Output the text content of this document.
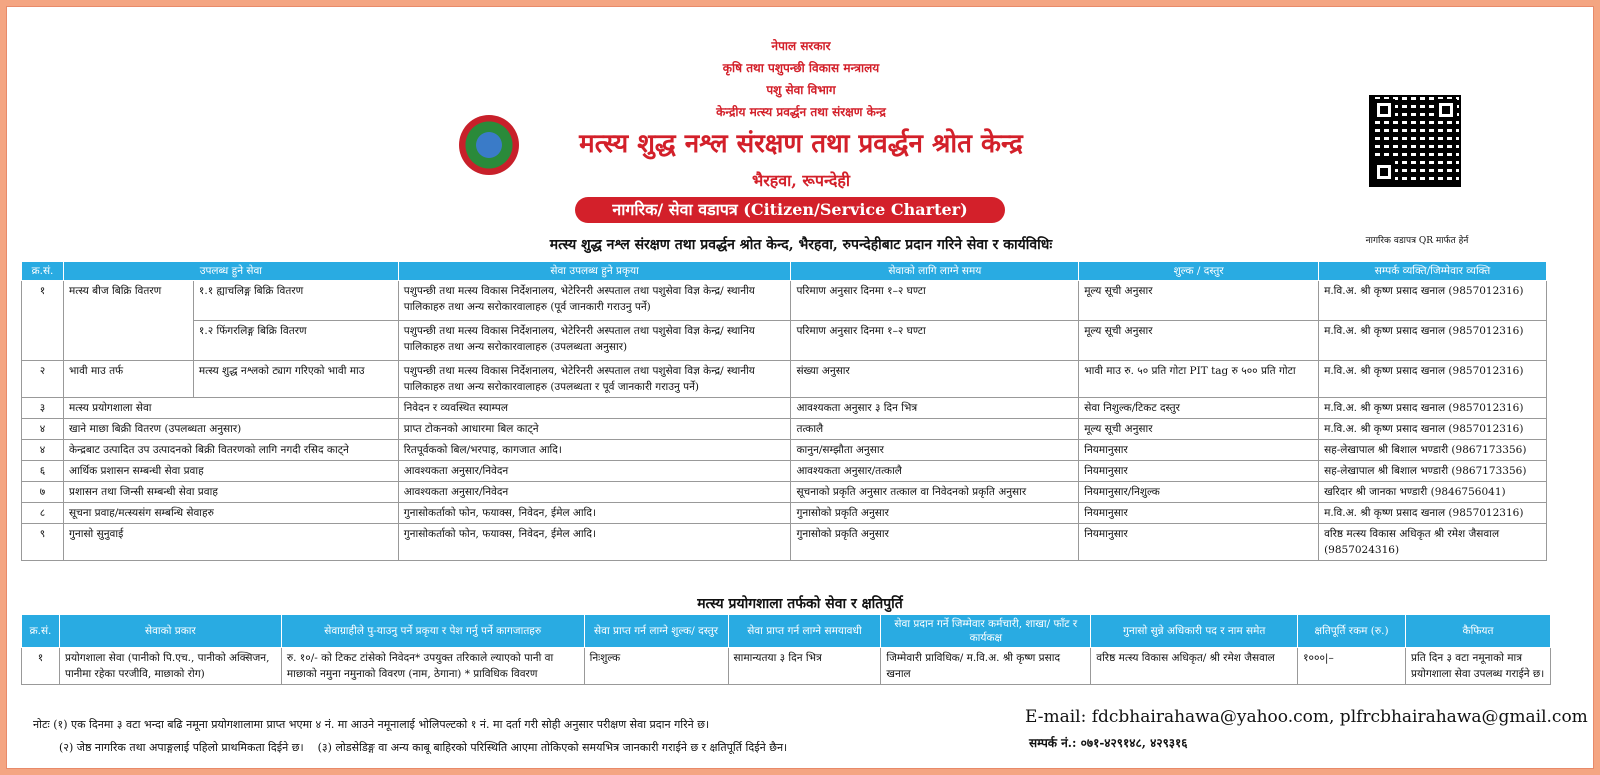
नेपाल सरकार
कृषि तथा पशुपन्छी विकास मन्त्रालय
पशु सेवा विभाग
केन्द्रीय मत्स्य प्रवर्द्धन तथा संरक्षण केन्द्र
मत्स्य शुद्ध नश्ल संरक्षण तथा प्रवर्द्धन श्रोत केन्द्र
भैरहवा, रूपन्देही
नागरिक/ सेवा वडापत्र (Citizen/Service Charter)
मत्स्य शुद्ध नश्ल संरक्षण तथा प्रवर्द्धन श्रोत केन्द, भैरहवा, रुपन्देहीबाट प्रदान गरिने सेवा र कार्यविधिः	नागरिक वडापत्र QR मार्फत हेर्न
क्र.सं.	उपलब्ध हुने सेवा		सेवा उपलब्ध हुने प्रकृया	सेवाको लागि लाग्ने समय	शुल्क / दस्तुर	सम्पर्क व्यक्ति/जिम्मेवार व्यक्ति
१	मत्स्य बीज बिक्रि वितरण	१.१ ह्याचलिङ्ग बिक्रि वितरण	पशुपन्छी तथा मत्स्य विकास निर्देशनालय, भेटेरिनरी अस्पताल तथा पशुसेवा विज्ञ केन्द्र/ स्थानीय पालिकाहरु तथा अन्य सरोकारवालाहरु (पूर्व जानकारी गराउनु पर्ने)	परिमाण अनुसार दिनमा १–२ घण्टा	मूल्य सूची अनुसार	म.वि.अ. श्री कृष्ण प्रसाद खनाल (9857012316)
		१.२ फिंगरलिङ्ग बिक्रि वितरण	पशुपन्छी तथा मत्स्य विकास निर्देशनालय, भेटेरिनरी अस्पताल तथा पशुसेवा विज्ञ केन्द्र/ स्थानिय पालिकाहरु तथा अन्य सरोकारवालाहरु (उपलब्धता अनुसार)	परिमाण अनुसार दिनमा १–२ घण्टा	मूल्य सूची अनुसार	म.वि.अ. श्री कृष्ण प्रसाद खनाल (9857012316)
२	भावी माउ तर्फ	मत्स्य शुद्ध नश्लको ट्याग गरिएको भावी माउ	पशुपन्छी तथा मत्स्य विकास निर्देशनालय, भेटेरिनरी अस्पताल तथा पशुसेवा विज्ञ केन्द्र/ स्थानीय पालिकाहरु तथा अन्य सरोकारवालाहरु (उपलब्धता र पूर्व जानकारी गराउनु पर्ने)	संख्या अनुसार	भावी माउ रु. ५० प्रति गोटा PIT tag रु ५०० प्रति गोटा	म.वि.अ. श्री कृष्ण प्रसाद खनाल (9857012316)
३	मत्स्य प्रयोगशाला सेवा		निवेदन र व्यवस्थित स्याम्पल	आवश्यकता अनुसार ३ दिन भित्र	सेवा निशुल्क/टिकट दस्तुर	म.वि.अ. श्री कृष्ण प्रसाद खनाल (9857012316)
४	खाने माछा बिक्री वितरण (उपलब्धता अनुसार)		प्राप्त टोकनको आधारमा बिल काट्ने	तत्कालै	मूल्य सूची अनुसार	म.वि.अ. श्री कृष्ण प्रसाद खनाल (9857012316)
४	केन्द्रबाट उत्पादित उप उत्पादनको बिक्री वितरणको लागि नगदी रसिद काट्ने		रितपूर्वकको बिल/भरपाइ, कागजात आदि।	कानुन/सम्झौता अनुसार	नियमानुसार	सह-लेखापाल श्री बिशाल भण्डारी (9867173356)
६	आर्थिक प्रशासन सम्बन्धी सेवा प्रवाह		आवश्यकता अनुसार/निवेदन	आवश्यकता अनुसार/तत्कालै	नियमानुसार	सह-लेखापाल श्री बिशाल भण्डारी (9867173356)
७	प्रशासन तथा जिन्सी सम्बन्धी सेवा प्रवाह		आवश्यकता अनुसार/निवेदन	सूचनाको प्रकृति अनुसार तत्काल वा निवेदनको प्रकृति अनुसार	नियमानुसार/निशुल्क	खरिदार श्री जानका भण्डारी (9846756041)
८	सूचना प्रवाह/मत्स्यसंग सम्बन्धि सेवाहरु		गुनासोकर्ताको फोन, फयाक्स, निवेदन, ईमेल आदि।	गुनासोको प्रकृति अनुसार	नियमानुसार	म.वि.अ. श्री कृष्ण प्रसाद खनाल (9857012316)
९	गुनासो सुनुवाई		गुनासोकर्ताको फोन, फयाक्स, निवेदन, ईमेल आदि।	गुनासोको प्रकृति अनुसार	नियमानुसार	वरिष्ठ मत्स्य विकास अधिकृत श्री रमेश जैसवाल (9857024316)
मत्स्य प्रयोगशाला तर्फको सेवा र क्षतिपुर्ति
क्र.सं.	सेवाको प्रकार	सेवाग्राहीले पु-याउनु पर्ने प्रकृया र पेश गर्नु पर्ने कागजातहरु	सेवा प्राप्त गर्न लाग्ने शुल्क/ दस्तुर	सेवा प्राप्त गर्न लाग्ने समयावधी	सेवा प्रदान गर्ने जिम्मेवार कर्मचारी, शाखा/ फाँट र कार्यकक्ष	गुनासो सुन्ने अधिकारी पद र नाम समेत	क्षतिपूर्ति रकम (रु.)	कैफियत
१	प्रयोगशाला सेवा (पानीको पि.एच., पानीको अक्सिजन, पानीमा रहेका परजीवि, माछाको रोग)	रु. १०/- को टिकट टांसेको निवेदन* उपयुक्त तरिकाले ल्याएको पानी वा माछाको नमुना नमुनाको विवरण (नाम, ठेगाना) * प्राविधिक विवरण	निःशुल्क	सामान्यतया ३ दिन भित्र	जिम्मेवारी प्राविधिक/ म.वि.अ. श्री कृष्ण प्रसाद खनाल	वरिष्ठ मत्स्य विकास अधिकृत/ श्री रमेश जैसवाल	१०००|–	प्रति दिन ३ वटा नमूनाको मात्र प्रयोगशाला सेवा उपलब्ध गराईने छ।
नोटः (१) एक दिनमा ३ वटा भन्दा बढि नमूना प्रयोगशालामा प्राप्त भएमा ४ नं. मा आउने नमूनालाई भोलिपल्टको १ नं. मा दर्ता गरी सोही अनुसार परीक्षण सेवा प्रदान गरिने छ।
(२) जेष्ठ नागरिक तथा अपाङ्गलाई पहिलो प्राथमिकता दिईने छ। (३) लोडसेडिङ्ग वा अन्य काबू बाहिरको परिस्थिति आएमा तोकिएको समयभित्र जानकारी गराईने छ र क्षतिपूर्ति दिईने छैन।
E-mail: fdcbhairahawa@yahoo.com, plfrcbhairahawa@gmail.com
सम्पर्क नं.: ०७१-४२९१४८, ४२९३१६
